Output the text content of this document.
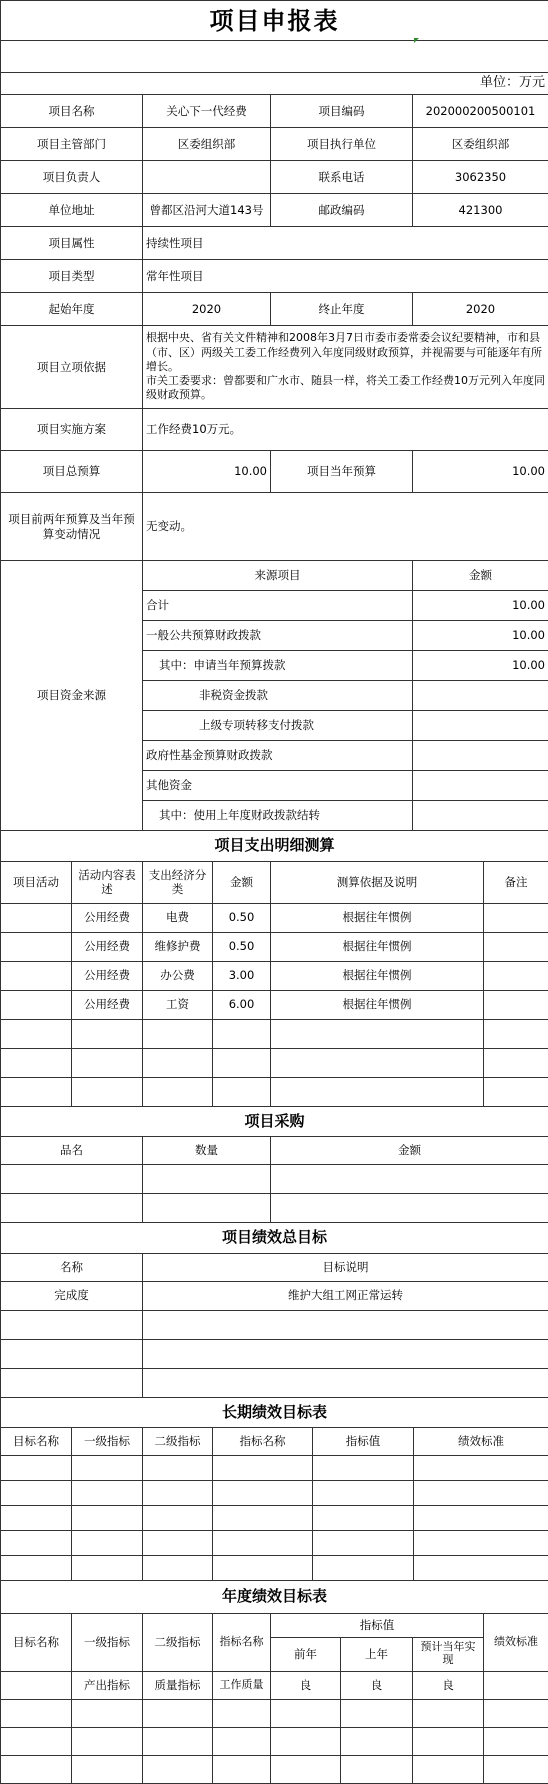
项目申报表			

单位：万元			
项目名称	关心下一代经费	项目编码	202000200500101
项目主管部门	区委组织部	项目执行单位	区委组织部
项目负责人		联系电话	3062350
单位地址	曾都区沿河大道143号	邮政编码	421300
项目属性	持续性项目		
项目类型	常年性项目		
起始年度	2020	终止年度	2020
项目立项依据	根据中央、省有关文件精神和2008年3月7日市委市委常委会议纪要精神，市和县（市、区）两级关工委工作经费列入年度同级财政预算，并视需要与可能逐年有所增长。
市关工委要求：曾都要和广水市、随县一样，将关工委工作经费10万元列入年度同级财政预算。		
项目实施方案	工作经费10万元。		
项目总预算	10.00	项目当年预算	10.00
项目前两年预算及当年预算变动情况	无变动。		
项目资金来源	来源项目		金额
	合计		10.00
	一般公共预算财政拨款		10.00
	其中：申请当年预算拨款		10.00
	非税资金拨款		
	上级专项转移支付拨款		
	政府性基金预算财政拨款		
	其他资金		
	其中：使用上年度财政拨款结转		
项目支出明细测算					
项目活动	活动内容表述	支出经济分类	金额	测算依据及说明	备注
	公用经费	电费	0.50	根据往年惯例	
	公用经费	维修护费	0.50	根据往年惯例	
	公用经费	办公费	3.00	根据往年惯例	
	公用经费	工资	6.00	根据往年惯例	

项目采购		
品名	数量	金额

项目绩效总目标	
名称	目标说明
完成度	维护大组工网正常运转

长期绩效目标表					
目标名称	一级指标	二级指标	指标名称	指标值	绩效标准

年度绩效目标表							
目标名称	一级指标	二级指标	指标名称	指标值			绩效标准
				前年	上年	预计当年实现	
	产出指标	质量指标	工作质量	良	良	良	
